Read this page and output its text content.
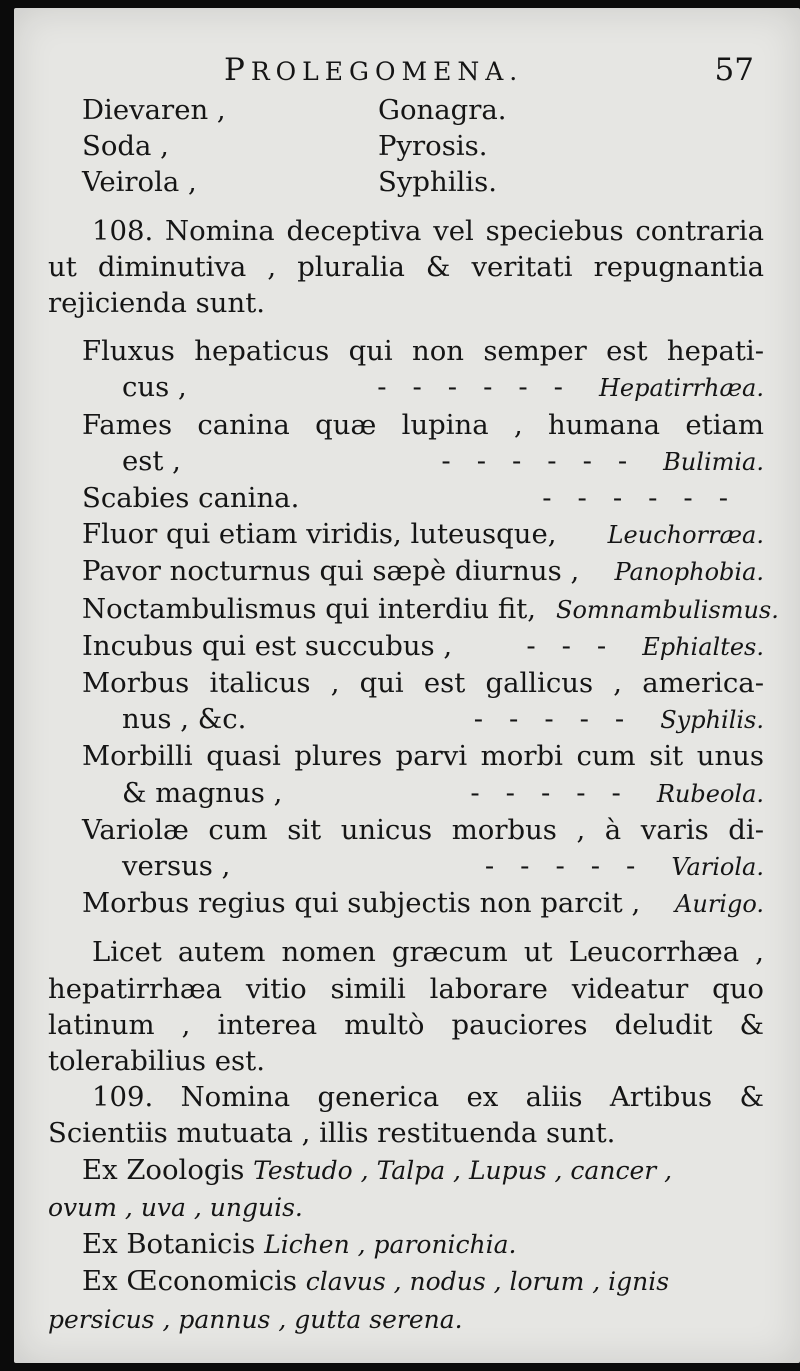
PROLEGOMENA.	57
Dievaren ,	Gonagra.
Soda ,	Pyrosis.
Veirola ,	Syphilis.

108. Nomina deceptiva vel speciebus contraria ut diminutiva , pluralia & veritati repugnantia rejicienda sunt.

Fluxus hepaticus qui non semper est hepati-
cus ,	------ Hepatirrhæa.
Fames canina quæ lupina , humana etiam
est ,	------ Bulimia.
Scabies canina.	------
Fluor qui etiam viridis, luteusque, Leuchorræa.
Pavor nocturnus qui sæpè diurnus , Panophobia.
Noctambulismus qui interdiu fit, Somnambulismus.
Incubus qui est succubus ,	--- Ephialtes.
Morbus italicus , qui est gallicus , america-
nus , &c.	----- Syphilis.
Morbilli quasi plures parvi morbi cum sit unus
& magnus ,	----- Rubeola.
Variolæ cum sit unicus morbus , à varis di-
versus ,	----- Variola.
Morbus regius qui subjectis non parcit , Aurigo.

Licet autem nomen græcum ut Leucorrhæa , hepatirrhæa vitio simili laborare videatur quo latinum , interea multò pauciores deludit & tolerabilius est.

109. Nomina generica ex aliis Artibus & Scientiis mutuata , illis restituenda sunt.

Ex Zoologis Testudo , Talpa , Lupus , cancer ,
ovum , uva , unguis.
Ex Botanicis Lichen , paronichia.
Ex Œconomicis clavus , nodus , lorum , ignis
persicus , pannus , gutta serena.
